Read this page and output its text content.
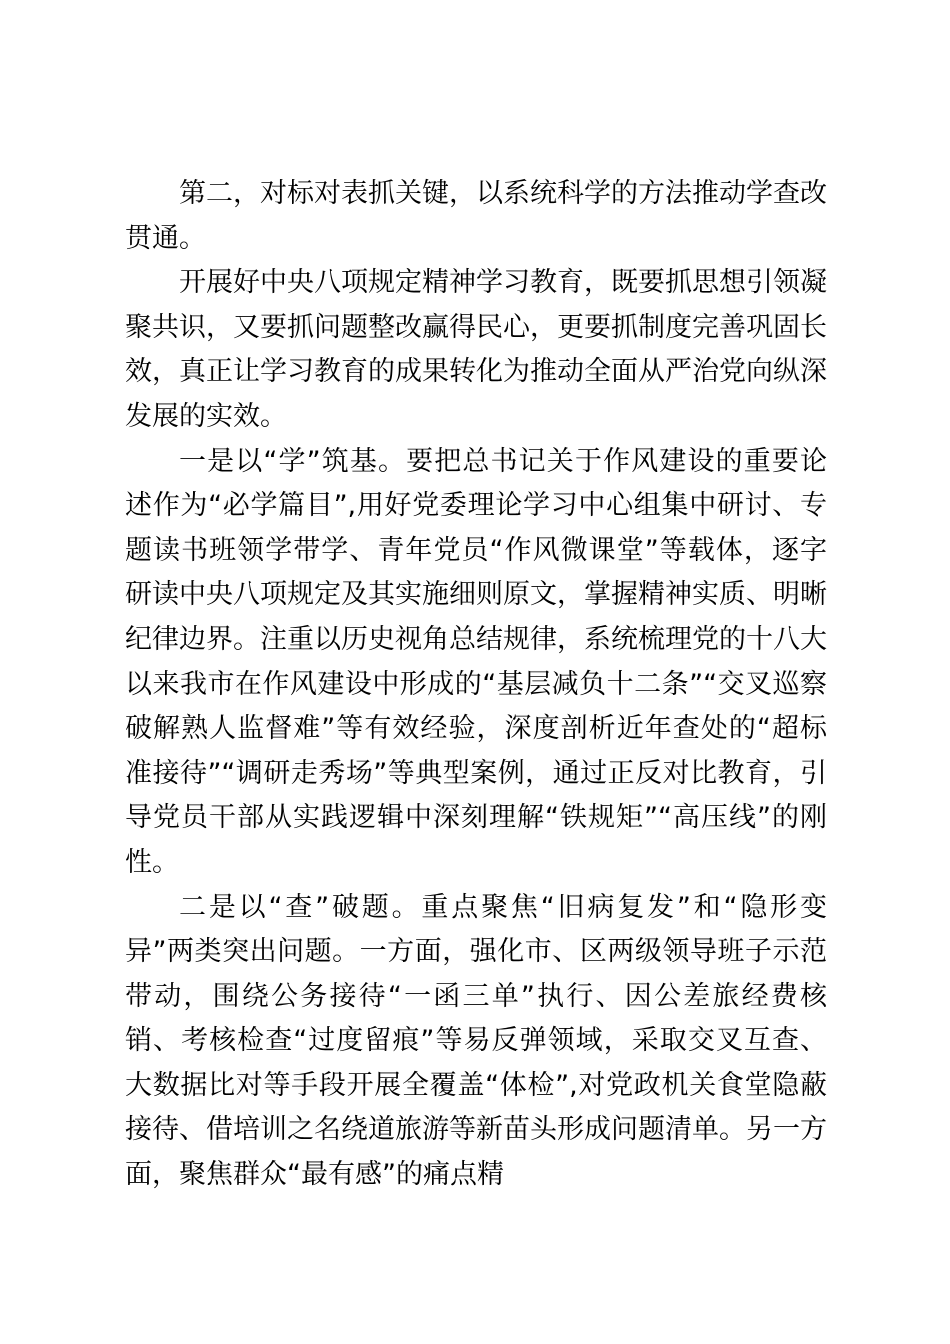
第二，对标对表抓关键，以系统科学的方法推动学查改贯通。

开展好中央八项规定精神学习教育，既要抓思想引领凝聚共识，又要抓问题整改赢得民心，更要抓制度完善巩固长效，真正让学习教育的成果转化为推动全面从严治党向纵深发展的实效。

一是以“学”筑基。要把总书记关于作风建设的重要论述作为“必学篇目”,用好党委理论学习中心组集中研讨、专题读书班领学带学、青年党员“作风微课堂”等载体，逐字研读中央八项规定及其实施细则原文，掌握精神实质、明晰纪律边界。注重以历史视角总结规律，系统梳理党的十八大以来我市在作风建设中形成的“基层减负十二条”“交叉巡察破解熟人监督难”等有效经验，深度剖析近年查处的“超标准接待”“调研走秀场”等典型案例，通过正反对比教育，引导党员干部从实践逻辑中深刻理解“铁规矩”“高压线”的刚性。

二是以“查”破题。重点聚焦“旧病复发”和“隐形变异”两类突出问题。一方面，强化市、区两级领导班子示范带动，围绕公务接待“一函三单”执行、因公差旅经费核销、考核检查“过度留痕”等易反弹领域，采取交叉互查、大数据比对等手段开展全覆盖“体检”,对党政机关食堂隐蔽接待、借培训之名绕道旅游等新苗头形成问题清单。另一方面，聚焦群众“最有感”的痛点精
